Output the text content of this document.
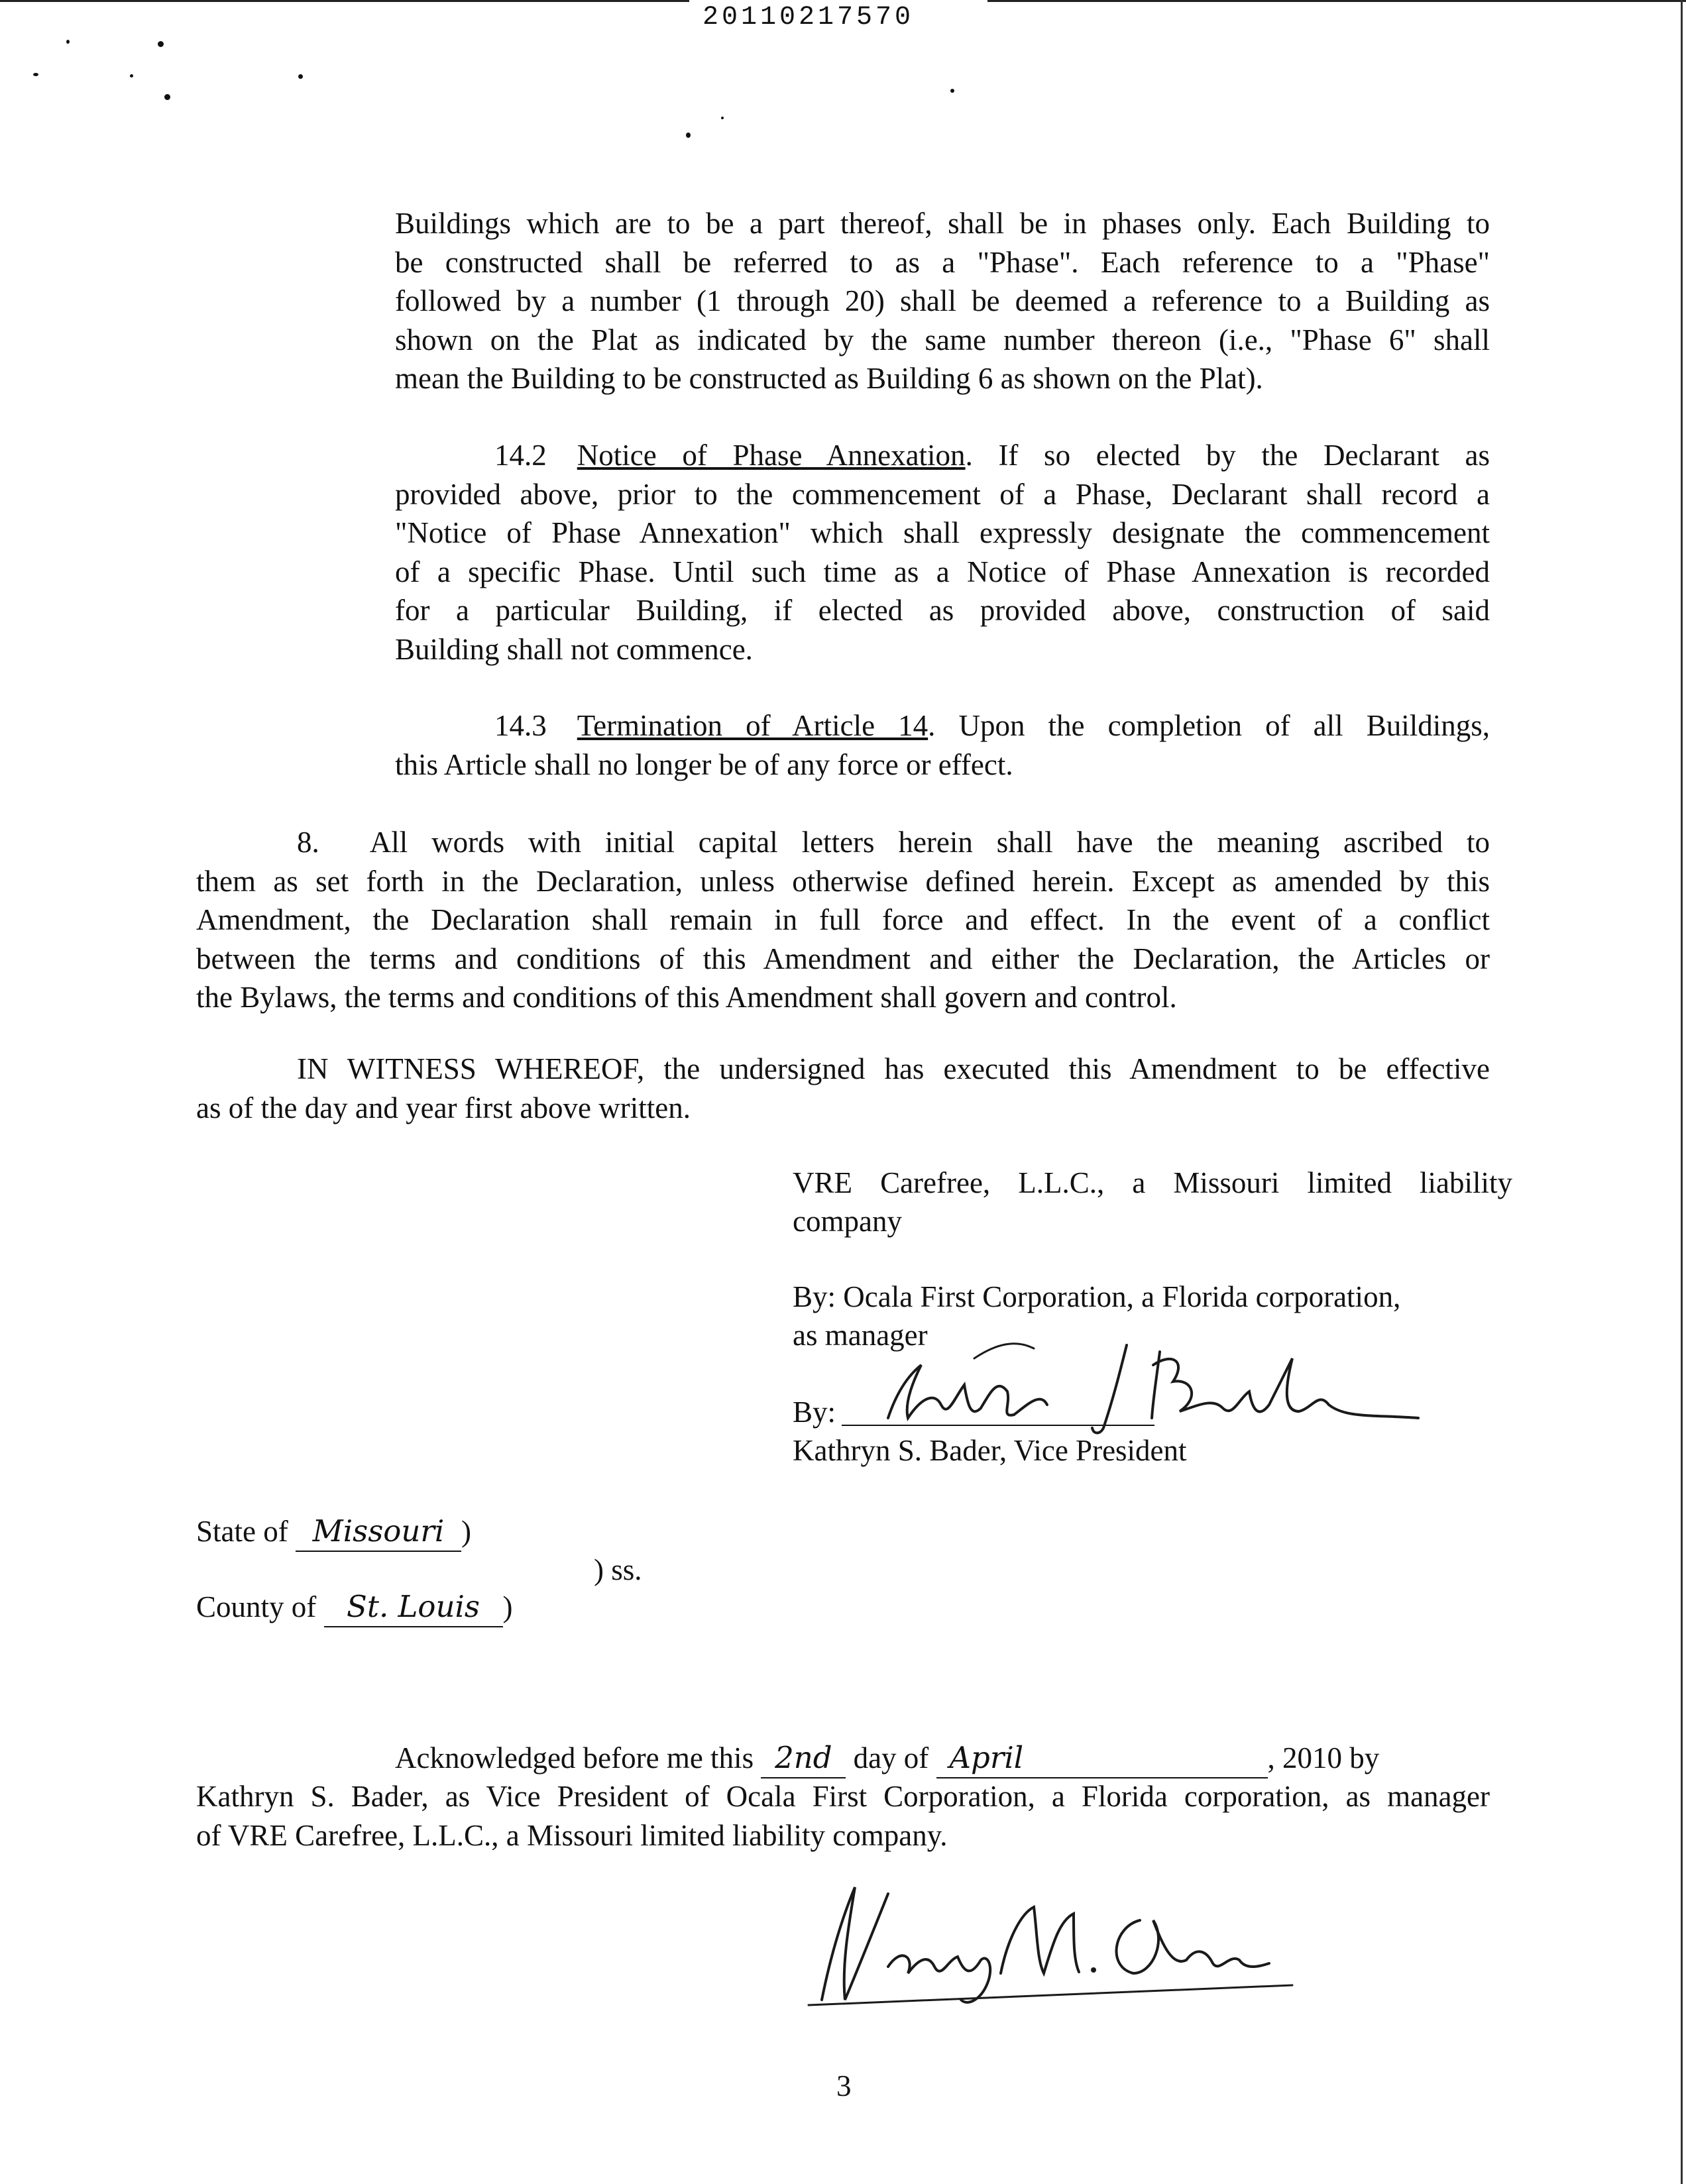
20110217570
Buildings which are to be a part thereof, shall be in phases only. Each Building to
be constructed shall be referred to as a "Phase". Each reference to a "Phase"
followed by a number (1 through 20) shall be deemed a reference to a Building as
shown on the Plat as indicated by the same number thereon (i.e., "Phase 6" shall
mean the Building to be constructed as Building 6 as shown on the Plat).
14.2 Notice of Phase Annexation. If so elected by the Declarant as
provided above, prior to the commencement of a Phase, Declarant shall record a
"Notice of Phase Annexation" which shall expressly designate the commencement
of a specific Phase. Until such time as a Notice of Phase Annexation is recorded
for a particular Building, if elected as provided above, construction of said
Building shall not commence.
14.3 Termination of Article 14. Upon the completion of all Buildings,
this Article shall no longer be of any force or effect.
8. All words with initial capital letters herein shall have the meaning ascribed to
them as set forth in the Declaration, unless otherwise defined herein. Except as amended by this
Amendment, the Declaration shall remain in full force and effect. In the event of a conflict
between the terms and conditions of this Amendment and either the Declaration, the Articles or
the Bylaws, the terms and conditions of this Amendment shall govern and control.
IN WITNESS WHEREOF, the undersigned has executed this Amendment to be effective
as of the day and year first above written.
VRE Carefree, L.L.C., a Missouri limited liability
company
By: Ocala First Corporation, a Florida corporation,
as manager
By:
Kathryn S. Bader, Vice President
State of Missouri )
County of St. Louis )
) ss.
Acknowledged before me this 2nd day of April	, 2010 by
Kathryn S. Bader, as Vice President of Ocala First Corporation, a Florida corporation, as manager
of VRE Carefree, L.L.C., a Missouri limited liability company.
3
